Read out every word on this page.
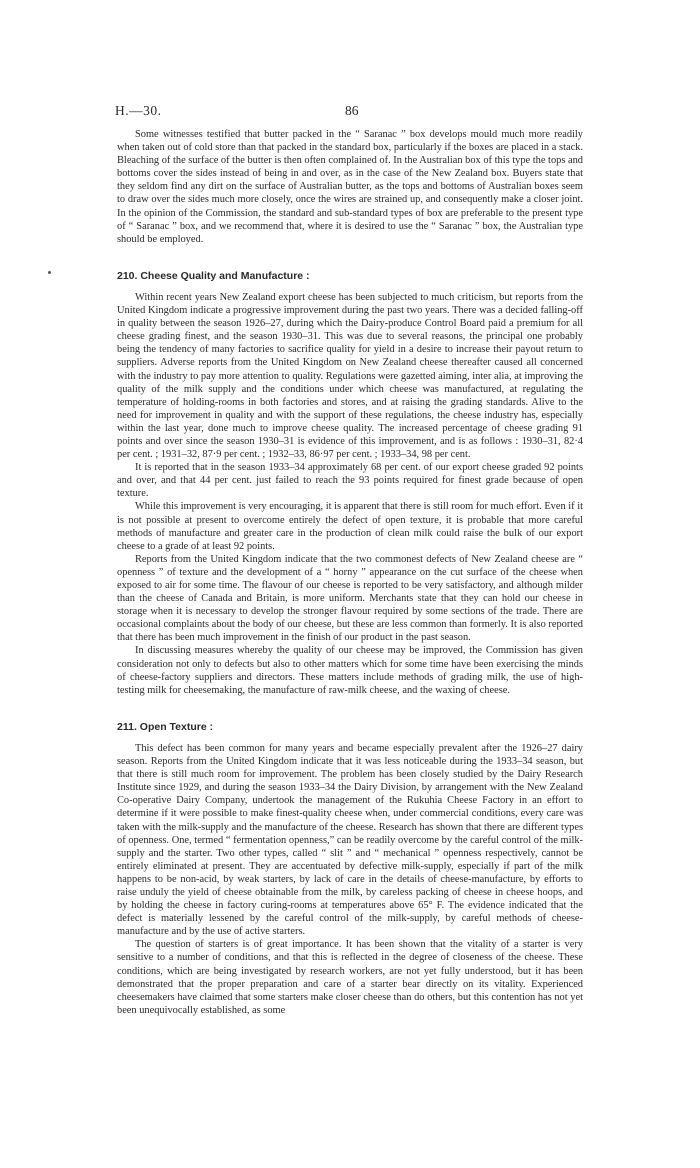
H.—30.	86

Some witnesses testified that butter packed in the “ Saranac ” box develops mould much more readily when taken out of cold store than that packed in the standard box, particularly if the boxes are placed in a stack. Bleaching of the surface of the butter is then often complained of. In the Australian box of this type the tops and bottoms cover the sides instead of being in and over, as in the case of the New Zealand box. Buyers state that they seldom find any dirt on the surface of Australian butter, as the tops and bottoms of Australian boxes seem to draw over the sides much more closely, once the wires are strained up, and consequently make a closer joint. In the opinion of the Commission, the standard and sub-standard types of box are preferable to the present type of “ Saranac ” box, and we recommend that, where it is desired to use the “ Saranac ” box, the Australian type should be employed.

210. Cheese Quality and Manufacture :

Within recent years New Zealand export cheese has been subjected to much criticism, but reports from the United Kingdom indicate a progressive improvement during the past two years. There was a decided falling-off in quality between the season 1926–27, during which the Dairy-produce Control Board paid a premium for all cheese grading finest, and the season 1930–31. This was due to several reasons, the principal one probably being the tendency of many factories to sacrifice quality for yield in a desire to increase their payout return to suppliers. Adverse reports from the United Kingdom on New Zealand cheese thereafter caused all concerned with the industry to pay more attention to quality. Regulations were gazetted aiming, inter alia, at improving the quality of the milk supply and the conditions under which cheese was manufactured, at regulating the temperature of holding-rooms in both factories and stores, and at raising the grading standards. Alive to the need for improvement in quality and with the support of these regulations, the cheese industry has, especially within the last year, done much to improve cheese quality. The increased percentage of cheese grading 91 points and over since the season 1930–31 is evidence of this improvement, and is as follows : 1930–31, 82·4 per cent. ; 1931–32, 87·9 per cent. ; 1932–33, 86·97 per cent. ; 1933–34, 98 per cent.

It is reported that in the season 1933–34 approximately 68 per cent. of our export cheese graded 92 points and over, and that 44 per cent. just failed to reach the 93 points required for finest grade because of open texture.

While this improvement is very encouraging, it is apparent that there is still room for much effort. Even if it is not possible at present to overcome entirely the defect of open texture, it is probable that more careful methods of manufacture and greater care in the production of clean milk could raise the bulk of our export cheese to a grade of at least 92 points.

Reports from the United Kingdom indicate that the two commonest defects of New Zealand cheese are “ openness ” of texture and the development of a “ horny ” appearance on the cut surface of the cheese when exposed to air for some time. The flavour of our cheese is reported to be very satisfactory, and although milder than the cheese of Canada and Britain, is more uniform. Merchants state that they can hold our cheese in storage when it is necessary to develop the stronger flavour required by some sections of the trade. There are occasional complaints about the body of our cheese, but these are less common than formerly. It is also reported that there has been much improvement in the finish of our product in the past season.

In discussing measures whereby the quality of our cheese may be improved, the Commission has given consideration not only to defects but also to other matters which for some time have been exercising the minds of cheese-factory suppliers and directors. These matters include methods of grading milk, the use of high-testing milk for cheesemaking, the manufacture of raw-milk cheese, and the waxing of cheese.

211. Open Texture :

This defect has been common for many years and became especially prevalent after the 1926–27 dairy season. Reports from the United Kingdom indicate that it was less noticeable during the 1933–34 season, but that there is still much room for improvement. The problem has been closely studied by the Dairy Research Institute since 1929, and during the season 1933–34 the Dairy Division, by arrangement with the New Zealand Co-operative Dairy Company, undertook the management of the Rukuhia Cheese Factory in an effort to determine if it were possible to make finest-quality cheese when, under commercial conditions, every care was taken with the milk-supply and the manufacture of the cheese. Research has shown that there are different types of openness. One, termed “ fermentation openness,” can be readily overcome by the careful control of the milk-supply and the starter. Two other types, called “ slit ” and “ mechanical ” openness respectively, cannot be entirely eliminated at present. They are accentuated by defective milk-supply, especially if part of the milk happens to be non-acid, by weak starters, by lack of care in the details of cheese-manufacture, by efforts to raise unduly the yield of cheese obtainable from the milk, by careless packing of cheese in cheese hoops, and by holding the cheese in factory curing-rooms at temperatures above 65° F. The evidence indicated that the defect is materially lessened by the careful control of the milk-supply, by careful methods of cheese-manufacture and by the use of active starters.

The question of starters is of great importance. It has been shown that the vitality of a starter is very sensitive to a number of conditions, and that this is reflected in the degree of closeness of the cheese. These conditions, which are being investigated by research workers, are not yet fully understood, but it has been demonstrated that the proper preparation and care of a starter bear directly on its vitality. Experienced cheesemakers have claimed that some starters make closer cheese than do others, but this contention has not yet been unequivocally established, as some
